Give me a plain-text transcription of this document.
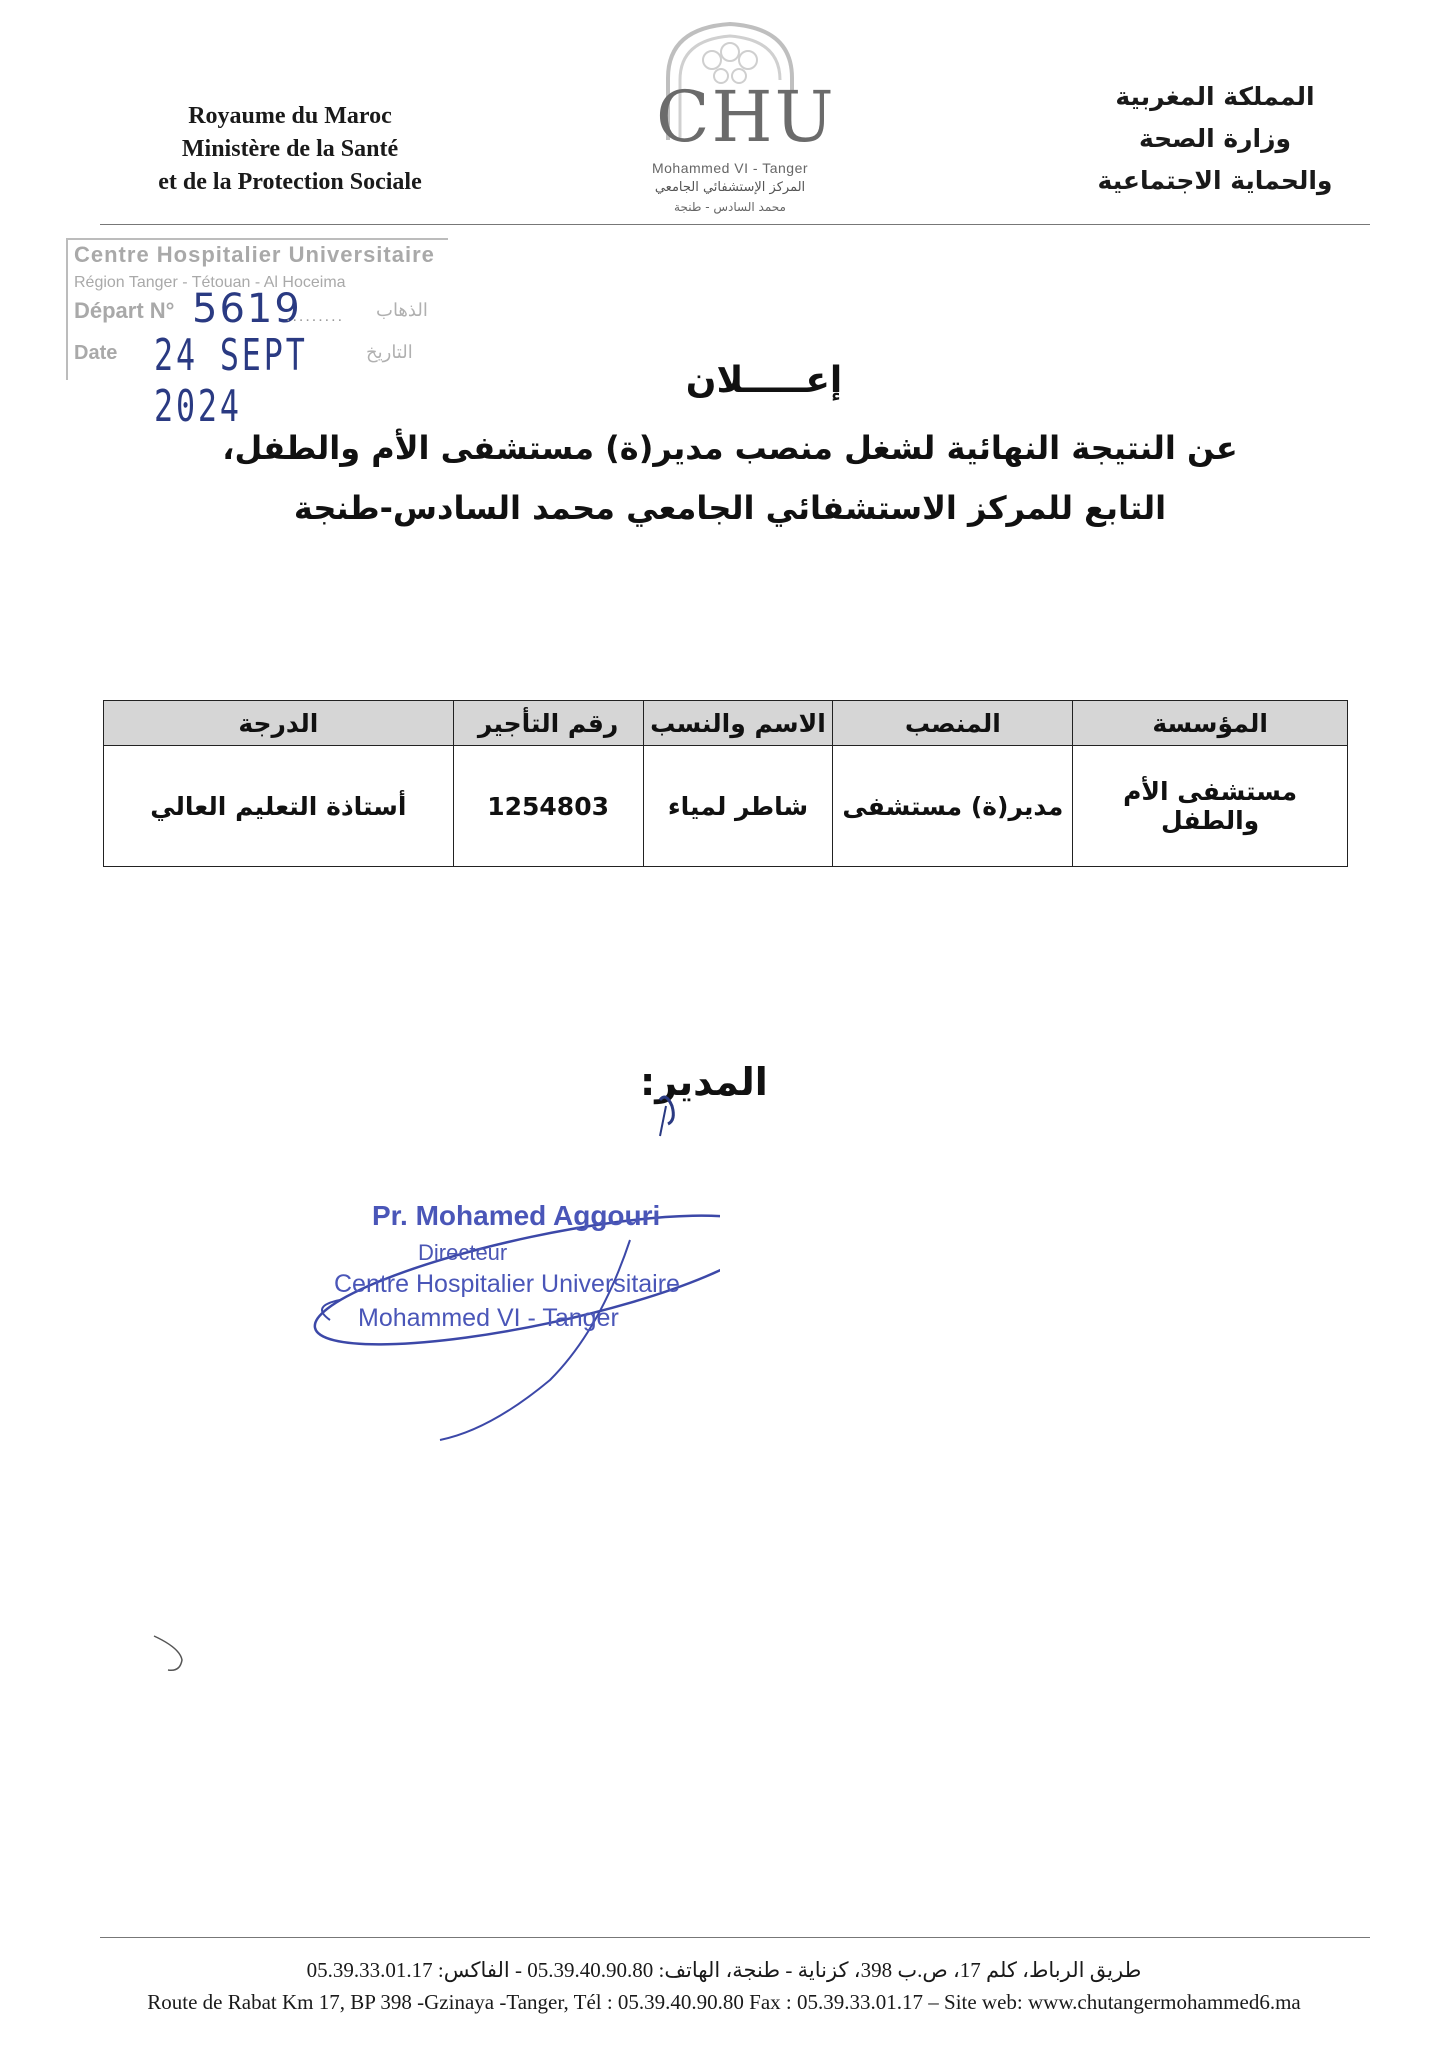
Royaume du Maroc
Ministère de la Santé
et de la Protection Sociale
CHU
Mohammed VI - Tanger
المركز الإستشفائي الجامعي
محمد السادس - طنجة
المملكة المغربية
وزارة الصحة
والحماية الاجتماعية
Centre Hospitalier Universitaire
Région Tanger - Tétouan - Al Hoceima
Départ N° 5619
......... الذهاب
Date 24 SEPT 2024
التاريخ
إعـــــلان
عن النتيجة النهائية لشغل منصب مدير(ة) مستشفى الأم والطفل، التابع للمركز الاستشفائي الجامعي محمد السادس-طنجة
المؤسسة	المنصب	الاسم والنسب	رقم التأجير	الدرجة
مستشفى الأم والطفل	مدير(ة) مستشفى	شاطر لمياء	1254803	أستاذة التعليم العالي
المدير:
Pr. Mohamed Aggouri
Directeur
Centre Hospitalier Universitaire
Mohammed VI - Tanger
طريق الرباط، كلم 17، ص.ب 398، كزناية - طنجة، الهاتف: 05.39.40.90.80 - الفاكس: 05.39.33.01.17
Route de Rabat Km 17, BP 398 -Gzinaya -Tanger, Tél : 05.39.40.90.80 Fax : 05.39.33.01.17 – Site web: www.chutangermohammed6.ma
